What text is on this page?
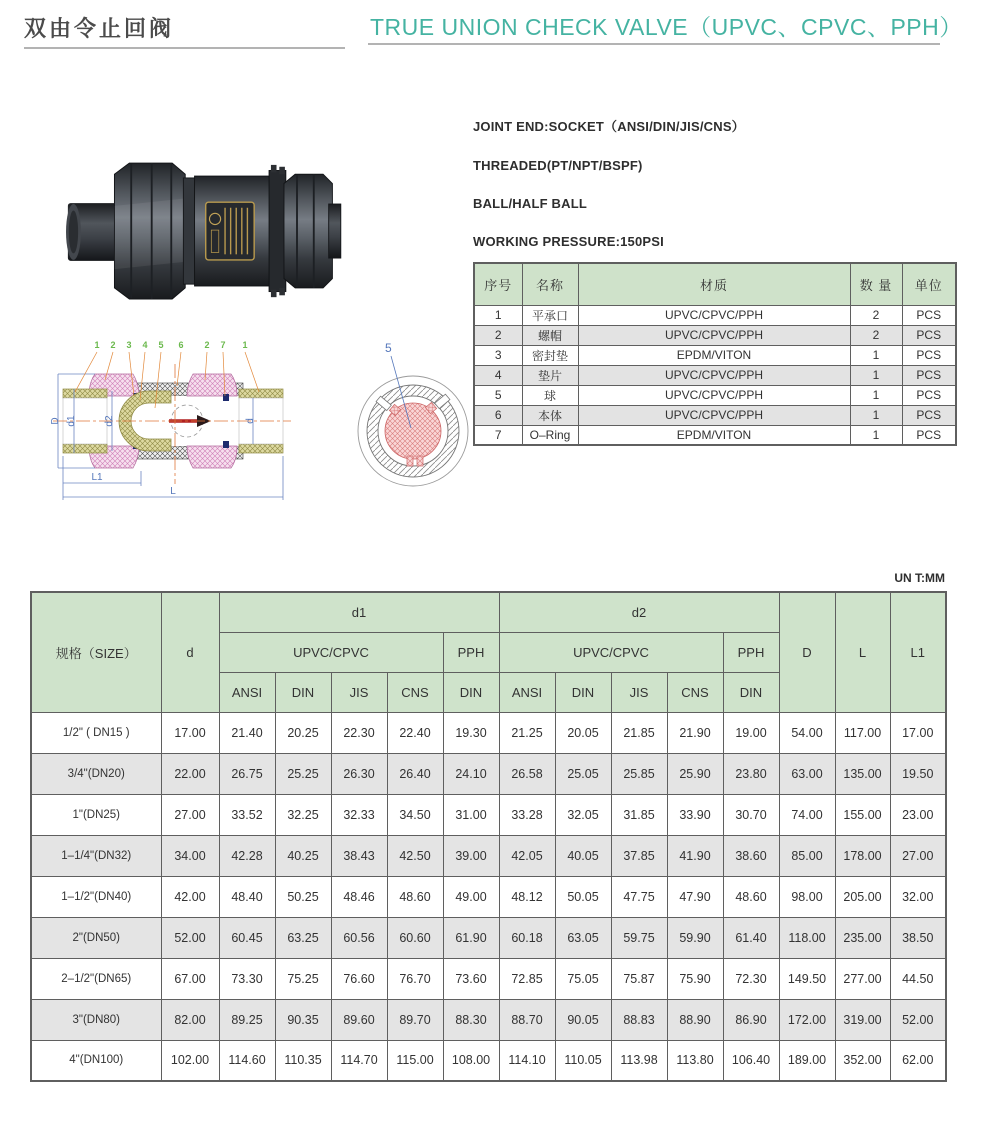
双由令止回阀	TRUE UNION CHECK VALVE（UPVC、CPVC、PPH）
JOINT END:SOCKET（ANSI/DIN/JIS/CNS）
THREADED(PT/NPT/BSPF)
BALL/HALF BALL
WORKING PRESSURE:150PSI
序号	名称	材质	数 量	单位
1	平承口	UPVC/CPVC/PPH	2	PCS
2	螺帽	UPVC/CPVC/PPH	2	PCS
3	密封垫	EPDM/VITON	1	PCS
4	垫片	UPVC/CPVC/PPH	1	PCS
5	球	UPVC/CPVC/PPH	1	PCS
6	本体	UPVC/CPVC/PPH	1	PCS
7	O–Ring	EPDM/VITON	1	PCS
D d1	d2	d
L1
L
1 2 3 4 5 6 2 7 1	5
UN T:MM
规格（SIZE）	d	d1					d2					D	L	L1
		UPVC/CPVC				PPH	UPVC/CPVC				PPH			
		ANSI	DIN	JIS	CNS	DIN	ANSI	DIN	JIS	CNS	DIN			
1/2" ( DN15 )	17.00	21.40	20.25	22.30	22.40	19.30	21.25	20.05	21.85	21.90	19.00	54.00	117.00	17.00
3/4"(DN20)	22.00	26.75	25.25	26.30	26.40	24.10	26.58	25.05	25.85	25.90	23.80	63.00	135.00	19.50
1"(DN25)	27.00	33.52	32.25	32.33	34.50	31.00	33.28	32.05	31.85	33.90	30.70	74.00	155.00	23.00
1–1/4"(DN32)	34.00	42.28	40.25	38.43	42.50	39.00	42.05	40.05	37.85	41.90	38.60	85.00	178.00	27.00
1–1/2"(DN40)	42.00	48.40	50.25	48.46	48.60	49.00	48.12	50.05	47.75	47.90	48.60	98.00	205.00	32.00
2"(DN50)	52.00	60.45	63.25	60.56	60.60	61.90	60.18	63.05	59.75	59.90	61.40	118.00	235.00	38.50
2–1/2"(DN65)	67.00	73.30	75.25	76.60	76.70	73.60	72.85	75.05	75.87	75.90	72.30	149.50	277.00	44.50
3"(DN80)	82.00	89.25	90.35	89.60	89.70	88.30	88.70	90.05	88.83	88.90	86.90	172.00	319.00	52.00
4"(DN100)	102.00	114.60	110.35	114.70	115.00	108.00	114.10	110.05	113.98	113.80	106.40	189.00	352.00	62.00
